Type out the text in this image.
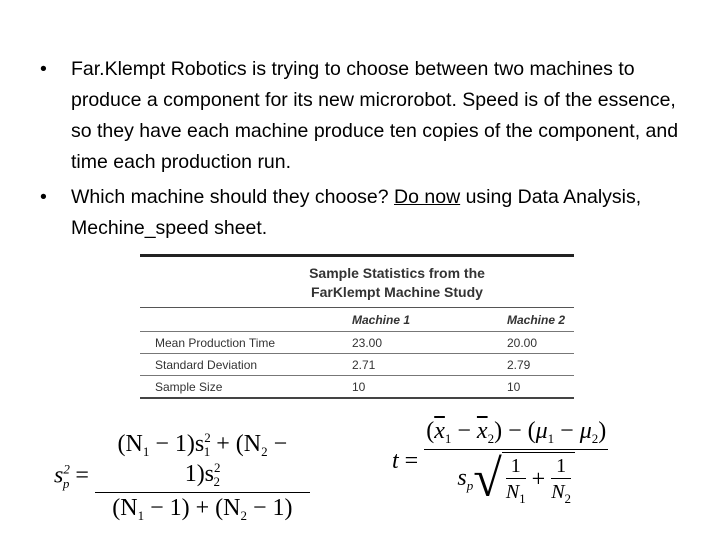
• Far.Klempt Robotics is trying to choose between two machines to produce a component for its new microrobot. Speed is of the essence, so they have each machine produce ten copies of the component, and time each production run.
• Which machine should they choose? Do now using Data Analysis, Mechine_speed sheet.
Sample Statistics from the
FarKlempt Machine Study
	Machine 1	Machine 2
Mean Production Time	23.00	20.00
Standard Deviation	2.71	2.79
Sample Size	10	10
$s^2_p = \frac{(N_1 - 1)s^2_1 + (N_2 - 1)s^2_2}{(N_1 - 1) + (N_2 - 1)}$	$t = \frac{(\overline{x}_1 - \overline{x}_2) - (\mu_1 - \mu_2)}{s_p√ \frac{1}{N_1} + \frac{1}{N_2}}$
